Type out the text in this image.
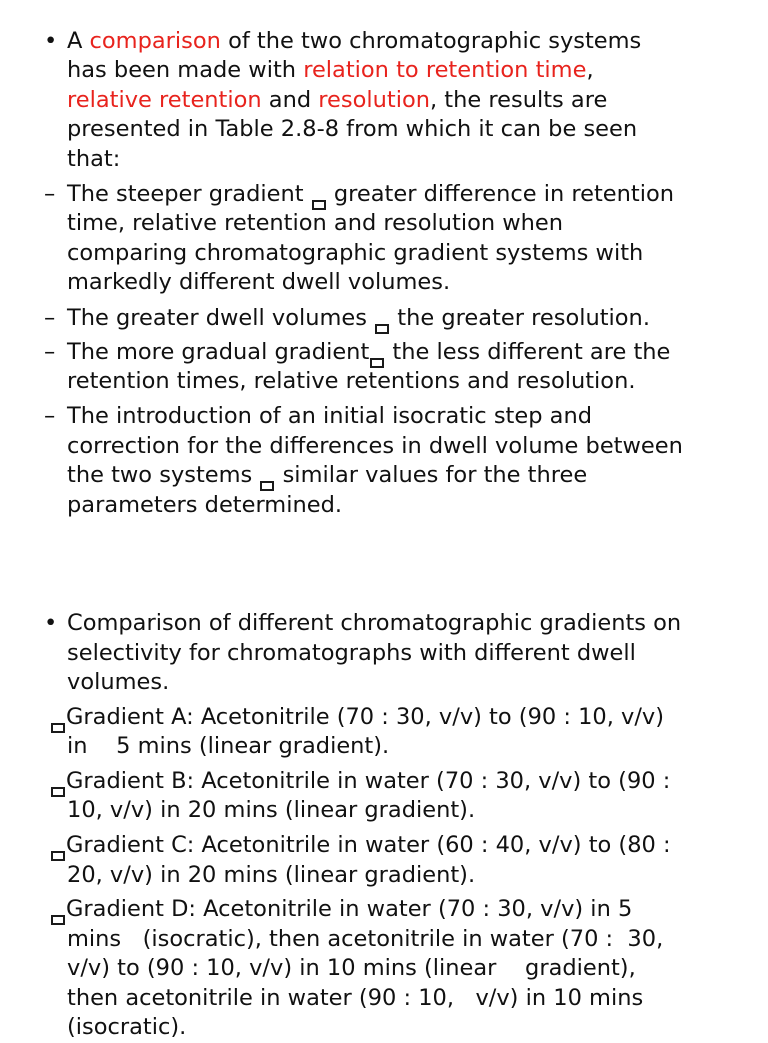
• A comparison of the two chromatographic systems
has been made with relation to retention time,
relative retention and resolution, the results are
presented in Table 2.8-8 from which it can be seen
that:
– The steeper gradient  greater difference in retention
time, relative retention and resolution when
comparing chromatographic gradient systems with
markedly different dwell volumes.
– The greater dwell volumes  the greater resolution.
– The more gradual gradient the less different are the
retention times, relative retentions and resolution.
– The introduction of an initial isocratic step and
correction for the differences in dwell volume between
the two systems  similar values for the three
parameters determined.
• Comparison of different chromatographic gradients on
selectivity for chromatographs with different dwell
volumes.
Gradient A: Acetonitrile (70 : 30, v/v) to (90 : 10, v/v)
in    5 mins (linear gradient).
Gradient B: Acetonitrile in water (70 : 30, v/v) to (90 :
10, v/v) in 20 mins (linear gradient).
Gradient C: Acetonitrile in water (60 : 40, v/v) to (80 :
20, v/v) in 20 mins (linear gradient).
Gradient D: Acetonitrile in water (70 : 30, v/v) in 5
mins   (isocratic), then acetonitrile in water (70 :  30,
v/v) to (90 : 10, v/v) in 10 mins (linear    gradient),
then acetonitrile in water (90 : 10,   v/v) in 10 mins
(isocratic).
